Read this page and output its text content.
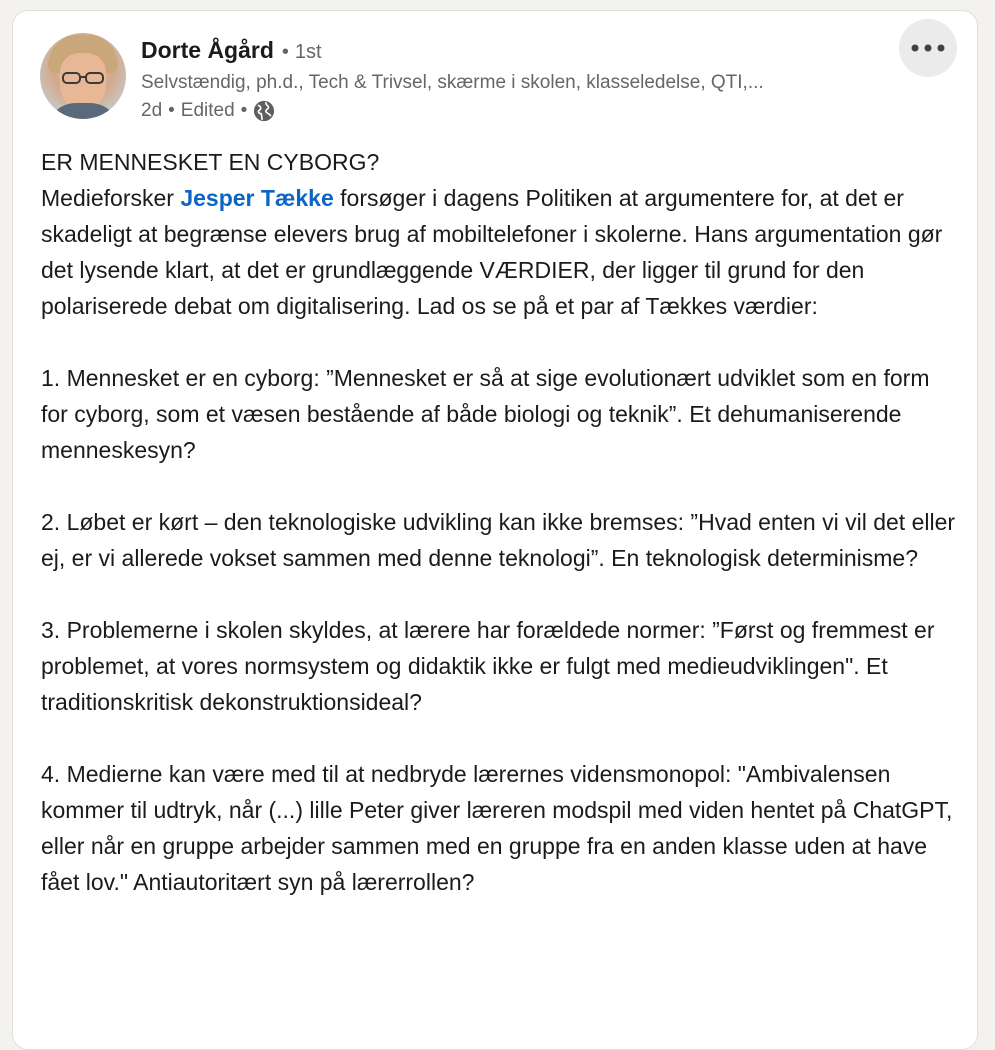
Dorte Ågård • 1st
Selvstændig, ph.d., Tech & Trivsel, skærme i skolen, klasseledelse, QTI,...
2d • Edited •

ER MENNESKET EN CYBORG?

Medieforsker Jesper Tække forsøger i dagens Politiken at argumentere for, at det er skadeligt at begrænse elevers brug af mobiltelefoner i skolerne. Hans argumentation gør det lysende klart, at det er grundlæggende VÆRDIER, der ligger til grund for den polariserede debat om digitalisering. Lad os se på et par af Tækkes værdier:

1. Mennesket er en cyborg: ”Mennesket er så at sige evolutionært udviklet som en form for cyborg, som et væsen bestående af både biologi og teknik”. Et dehumaniserende menneskesyn?

2. Løbet er kørt – den teknologiske udvikling kan ikke bremses: ”Hvad enten vi vil det eller ej, er vi allerede vokset sammen med denne teknologi”. En teknologisk determinisme?

3. Problemerne i skolen skyldes, at lærere har forældede normer: ”Først og fremmest er problemet, at vores normsystem og didaktik ikke er fulgt med medieudviklingen". Et traditionskritisk dekonstruktionsideal?

4. Medierne kan være med til at nedbryde lærernes vidensmonopol: "Ambivalensen kommer til udtryk, når (...) lille Peter giver læreren modspil med viden hentet på ChatGPT, eller når en gruppe arbejder sammen med en gruppe fra en anden klasse uden at have fået lov." Antiautoritært syn på lærerrollen?
